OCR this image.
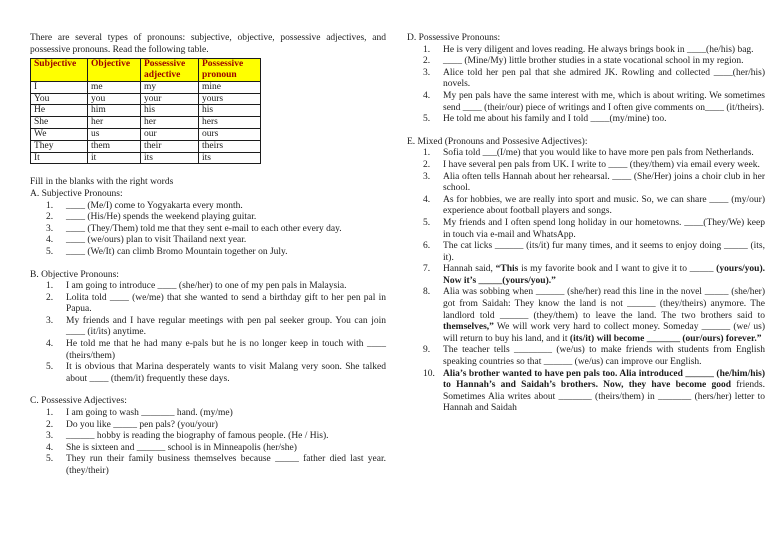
There are several types of pronouns: subjective, objective, possessive adjectives, and possessive pronouns. Read the following table.

Subjective	Objective	Possessive adjective	Possessive pronoun
I	me	my	mine
You	you	your	yours
He	him	his	his
She	her	her	hers
We	us	our	ours
They	them	their	theirs
It	it	its	its

Fill in the blanks with the right words

A. Subjective Pronouns:

____ (Me/I) come to Yogyakarta every month.
____ (His/He) spends the weekend playing guitar.
____ (They/Them) told me that they sent e-mail to each other every day.
____ (we/ours) plan to visit Thailand next year.
____ (We/It) can climb Bromo Mountain together on July.

B. Objective Pronouns:

I am going to introduce ____ (she/her) to one of my pen pals in Malaysia.
Lolita told ____ (we/me) that she wanted to send a birthday gift to her pen pal in Papua.
My friends and I have regular meetings with pen pal seeker group. You can join ____ (it/its) anytime.
He told me that he had many e-pals but he is no longer keep in touch with ____ (theirs/them)
It is obvious that Marina desperately wants to visit Malang very soon. She talked about ____ (them/it) frequently these days.

C. Possessive Adjectives:

I am going to wash _______ hand. (my/me)
Do you like _____ pen pals? (you/your)
______ hobby is reading the biography of famous people. (He / His).
She is sixteen and ______ school is in Minneapolis (her/she)
They run their family business themselves because _____ father died last year. (they/their)

D. Possessive Pronouns:

He is very diligent and loves reading. He always brings book in ____(he/his) bag.
____ (Mine/My) little brother studies in a state vocational school in my region.
Alice told her pen pal that she admired JK. Rowling and collected ____(her/his) novels.
My pen pals have the same interest with me, which is about writing. We sometimes send ____ (their/our) piece of writings and I often give comments on____ (it/theirs).
He told me about his family and I told ____(my/mine) too.

E. Mixed (Pronouns and Possesive Adjectives):

Sofia told ___(I/me) that you would like to have more pen pals from Netherlands.
I have several pen pals from UK. I write to ____ (they/them) via email every week.
Alia often tells Hannah about her rehearsal. ____ (She/Her) joins a choir club in her school.
As for hobbies, we are really into sport and music. So, we can share ____ (my/our) experience about football players and songs.
My friends and I often spend long holiday in our hometowns. ____(They/We) keep in touch via e-mail and WhatsApp.
The cat licks ______ (its/it) fur many times, and it seems to enjoy doing _____ (its, it).
Hannah said, “This is my favorite book and I want to give it to _____ (yours/you). Now it’s _____(yours/you).”
Alia was sobbing when ______ (she/her) read this line in the novel _____ (she/her) got from Saidah: They know the land is not ______ (they/theirs) anymore. The landlord told ______ (they/them) to leave the land. The two brothers said to themselves,” We will work very hard to collect money. Someday ______ (we/ us) will return to buy his land, and it (its/it) will become _______ (our/ours) forever.”
The teacher tells ________ (we/us) to make friends with students from English speaking countries so that ______ (we/us) can improve our English.
Alia’s brother wanted to have pen pals too. Alia introduced ______ (he/him/his) to Hannah’s and Saidah’s brothers. Now, they have become good friends. Sometimes Alia writes about _______ (theirs/them) in _______ (hers/her) letter to Hannah and Saidah
